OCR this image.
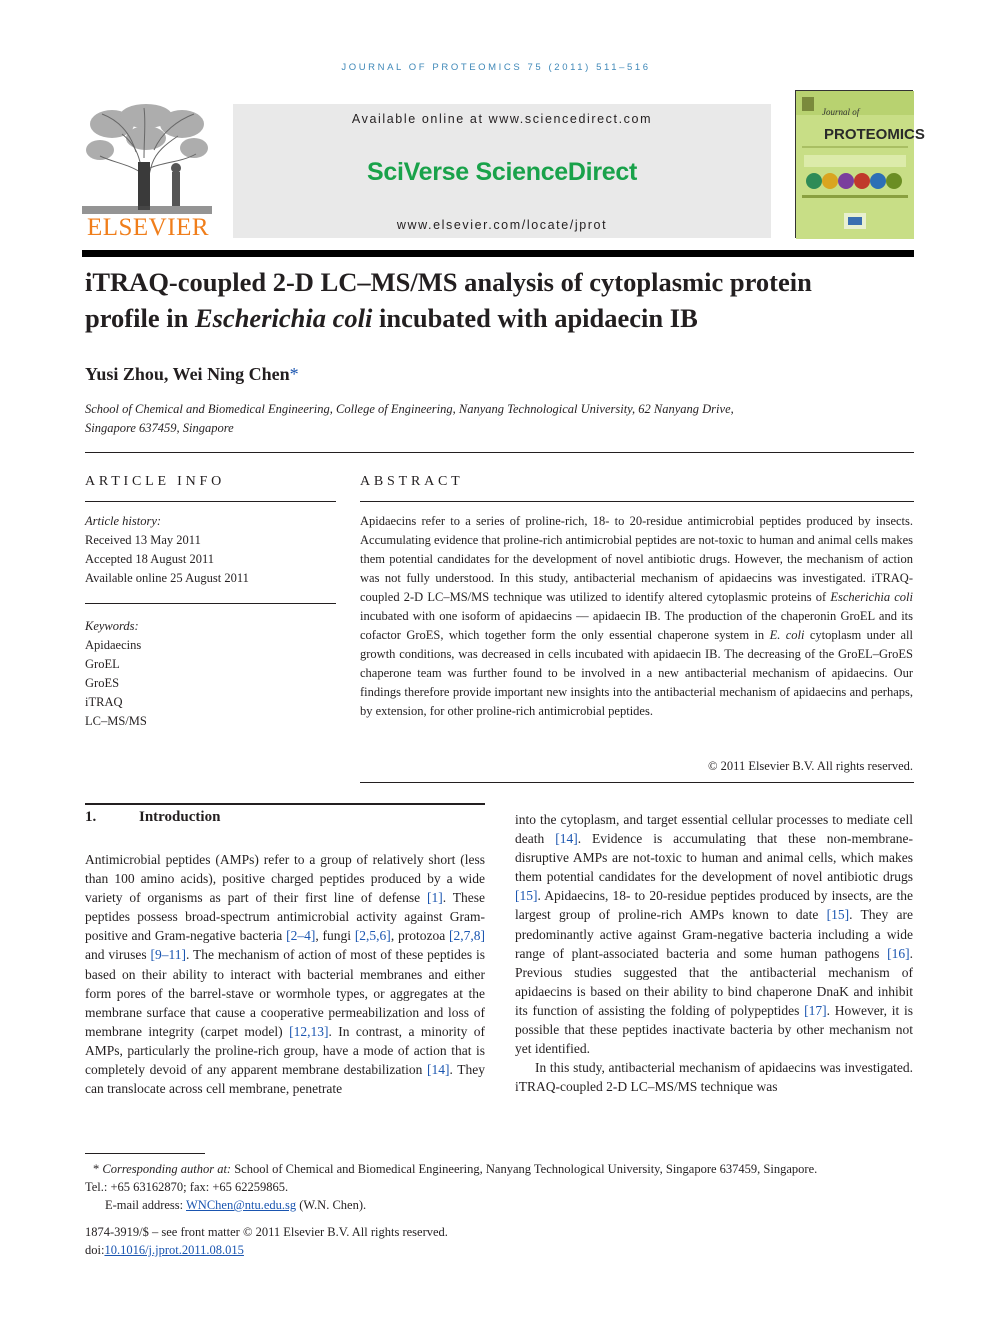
JOURNAL OF PROTEOMICS 75 (2011) 511–516
ELSEVIER
Available online at www.sciencedirect.com
SciVerse ScienceDirect
www.elsevier.com/locate/jprot
Journal of
PROTEOMICS
iTRAQ-coupled 2-D LC–MS/MS analysis of cytoplasmic protein
profile in Escherichia coli incubated with apidaecin IB
Yusi Zhou, Wei Ning Chen*
School of Chemical and Biomedical Engineering, College of Engineering, Nanyang Technological University, 62 Nanyang Drive,
Singapore 637459, Singapore
ARTICLE INFO	ABSTRACT
Article history:
Received 13 May 2011
Accepted 18 August 2011
Available online 25 August 2011
Keywords:
Apidaecins
GroEL
GroES
iTRAQ
LC–MS/MS
Apidaecins refer to a series of proline-rich, 18- to 20-residue antimicrobial peptides produced by insects. Accumulating evidence that proline-rich antimicrobial peptides are not-toxic to human and animal cells makes them potential candidates for the development of novel antibiotic drugs. However, the mechanism of action was not fully understood. In this study, antibacterial mechanism of apidaecins was investigated. iTRAQ-coupled 2-D LC–MS/MS technique was utilized to identify altered cytoplasmic proteins of Escherichia coli incubated with one isoform of apidaecins — apidaecin IB. The production of the chaperonin GroEL and its cofactor GroES, which together form the only essential chaperone system in E. coli cytoplasm under all growth conditions, was decreased in cells incubated with apidaecin IB. The decreasing of the GroEL–GroES chaperone team was further found to be involved in a new antibacterial mechanism of apidaecins. Our findings therefore provide important new insights into the antibacterial mechanism of apidaecins and perhaps, by extension, for other proline-rich antimicrobial peptides.
© 2011 Elsevier B.V. All rights reserved.
1.	Introduction

Antimicrobial peptides (AMPs) refer to a group of relatively short (less than 100 amino acids), positive charged peptides produced by a wide variety of organisms as part of their first line of defense [1]. These peptides possess broad-spectrum antimicrobial activity against Gram-positive and Gram-negative bacteria [2–4], fungi [2,5,6], protozoa [2,7,8] and viruses [9–11]. The mechanism of action of most of these peptides is based on their ability to interact with bacterial membranes and either form pores of the barrel-stave or wormhole types, or aggregates at the membrane surface that cause a cooperative permeabilization and loss of membrane integrity (carpet model) [12,13]. In contrast, a minority of AMPs, particularly the proline-rich group, have a mode of action that is completely devoid of any apparent membrane destabilization [14]. They can translocate across cell membrane, penetrate

into the cytoplasm, and target essential cellular processes to mediate cell death [14]. Evidence is accumulating that these non-membrane-disruptive AMPs are not-toxic to human and animal cells, which makes them potential candidates for the development of novel antibiotic drugs [15]. Apidaecins, 18- to 20-residue peptides produced by insects, are the largest group of proline-rich AMPs known to date [15]. They are predominantly active against Gram-negative bacteria including a wide range of plant-associated bacteria and some human pathogens [16]. Previous studies suggested that the antibacterial mechanism of apidaecins is based on their ability to bind chaperone DnaK and inhibit its function of assisting the folding of polypeptides [17]. However, it is possible that these peptides inactivate bacteria by other mechanism not yet identified.

In this study, antibacterial mechanism of apidaecins was investigated. iTRAQ-coupled 2-D LC–MS/MS technique was

* Corresponding author at: School of Chemical and Biomedical Engineering, Nanyang Technological University, Singapore 637459, Singapore.
Tel.: +65 63162870; fax: +65 62259865.
E-mail address: WNChen@ntu.edu.sg (W.N. Chen).
1874-3919/$ – see front matter © 2011 Elsevier B.V. All rights reserved.
doi:10.1016/j.jprot.2011.08.015
